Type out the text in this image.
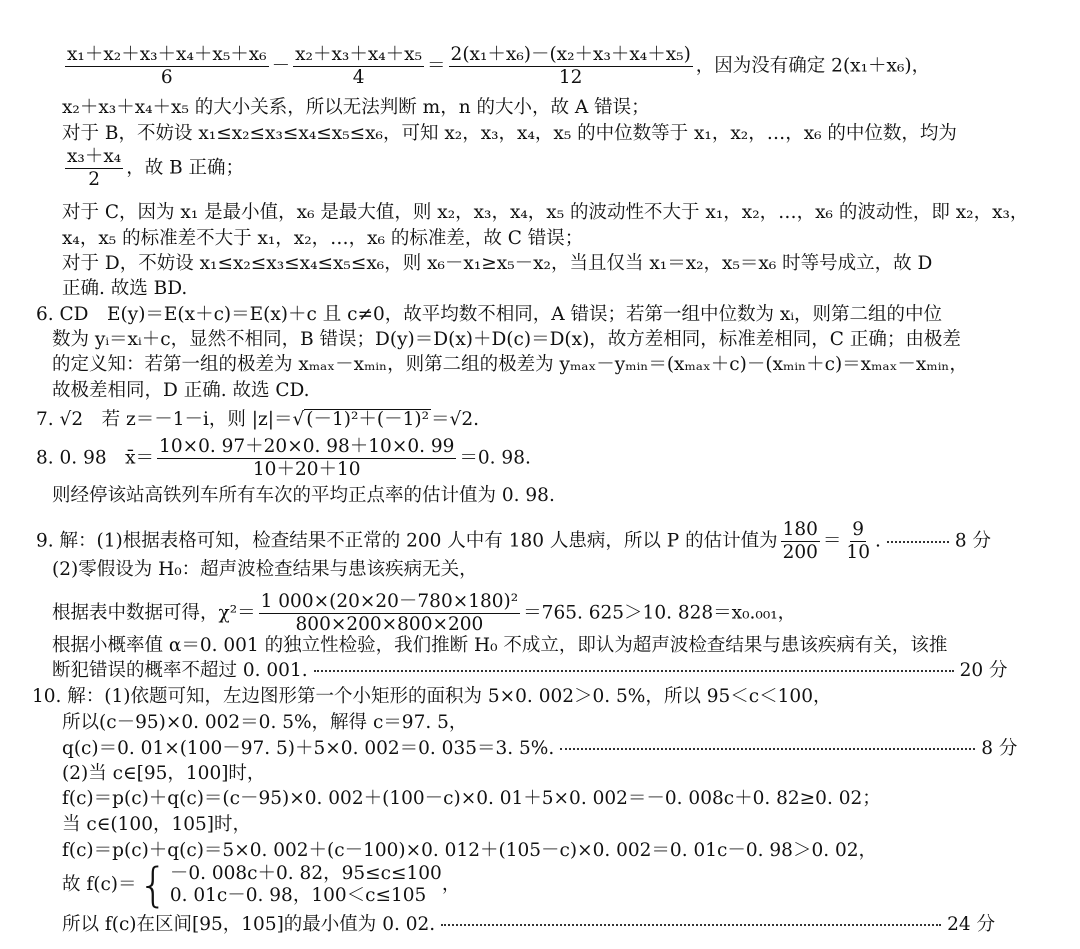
$\frac{\text{x₁＋x₂＋x₃＋x₄＋x₅＋x₆}}{6} - \frac{\text{x₂＋x₃＋x₄＋x₅}}{4} = \frac{\text{2(x₁＋x₆)－(x₂＋x₃＋x₄＋x₅)}}{12}$ ，因为没有确定 2(x₁＋x₆)，
x₂＋x₃＋x₄＋x₅ 的大小关系，所以无法判断 m，n 的大小，故 A 错误；
对于 B，不妨设 x₁≤x₂≤x₃≤x₄≤x₅≤x₆，可知 x₂，x₃，x₄，x₅ 的中位数等于 x₁，x₂，…，x₆ 的中位数，均为
$\frac{\text{x₃＋x₄}}{2}$ ，故 B 正确；
对于 C，因为 x₁ 是最小值，x₆ 是最大值，则 x₂，x₃，x₄，x₅ 的波动性不大于 x₁，x₂，…，x₆ 的波动性，即 x₂，x₃，
x₄，x₅ 的标准差不大于 x₁，x₂，…，x₆ 的标准差，故 C 错误；
对于 D，不妨设 x₁≤x₂≤x₃≤x₄≤x₅≤x₆，则 x₆－x₁≥x₅－x₂，当且仅当 x₁＝x₂，x₅＝x₆ 时等号成立，故 D
正确. 故选 BD.
6. CD　E(y)＝E(x＋c)＝E(x)＋c 且 c≠0，故平均数不相同，A 错误；若第一组中位数为 xᵢ，则第二组的中位
数为 yᵢ＝xᵢ＋c，显然不相同，B 错误；D(y)＝D(x)＋D(c)＝D(x)，故方差相同，标准差相同，C 正确；由极差
的定义知：若第一组的极差为 xₘₐₓ－xₘᵢₙ，则第二组的极差为 yₘₐₓ－yₘᵢₙ＝(xₘₐₓ＋c)－(xₘᵢₙ＋c)＝xₘₐₓ－xₘᵢₙ，
故极差相同，D 正确. 故选 CD.
7. √2　若 z＝－1－i，则 |z|＝√ (－1)²＋(－1)² ＝√2.
8. 0. 98　x̄＝ $\frac{10\times 0. 97+20\times 0. 98+10\times 0. 99}{10+20+10} =0$. 98.
则经停该站高铁列车所有车次的平均正点率的估计值为 0. 98.
9. 解：(1)根据表格可知，检查结果不正常的 200 人中有 180 人患病，所以 P 的估计值为 $\frac{180}{200} = \frac{9}{10}$ .	8 分
(2)零假设为 H₀：超声波检查结果与患该疾病无关，
根据表中数据可得，$\chi^2= \frac{\text{1 000×(20×20－780×180)²}}{800\times 200\times 800\times 200} =765$. 625＞10. 828＝x₀.₀₀₁，
根据小概率值 α＝0. 001 的独立性检验，我们推断 H₀ 不成立，即认为超声波检查结果与患该疾病有关，该推
断犯错误的概率不超过 0. 001.	20 分
10. 解：(1)依题可知，左边图形第一个小矩形的面积为 5×0. 002＞0. 5%，所以 95＜c＜100，
所以(c－95)×0. 002＝0. 5%，解得 c＝97. 5，
q(c)＝0. 01×(100－97. 5)＋5×0. 002＝0. 035＝3. 5%.	8 分
(2)当 c∈[95，100]时，
f(c)＝p(c)＋q(c)＝(c－95)×0. 002＋(100－c)×0. 01＋5×0. 002＝－0. 008c＋0. 82≥0. 02；
当 c∈(100，105]时，
f(c)＝p(c)＋q(c)＝5×0. 002＋(c－100)×0. 012＋(105－c)×0. 002＝0. 01c－0. 98＞0. 02，
故 f(c)＝{ －0. 008c＋0. 82，95≤c≤100
0. 01c－0. 98，100＜c≤105
，
所以 f(c)在区间[95，105]的最小值为 0. 02.	24 分
